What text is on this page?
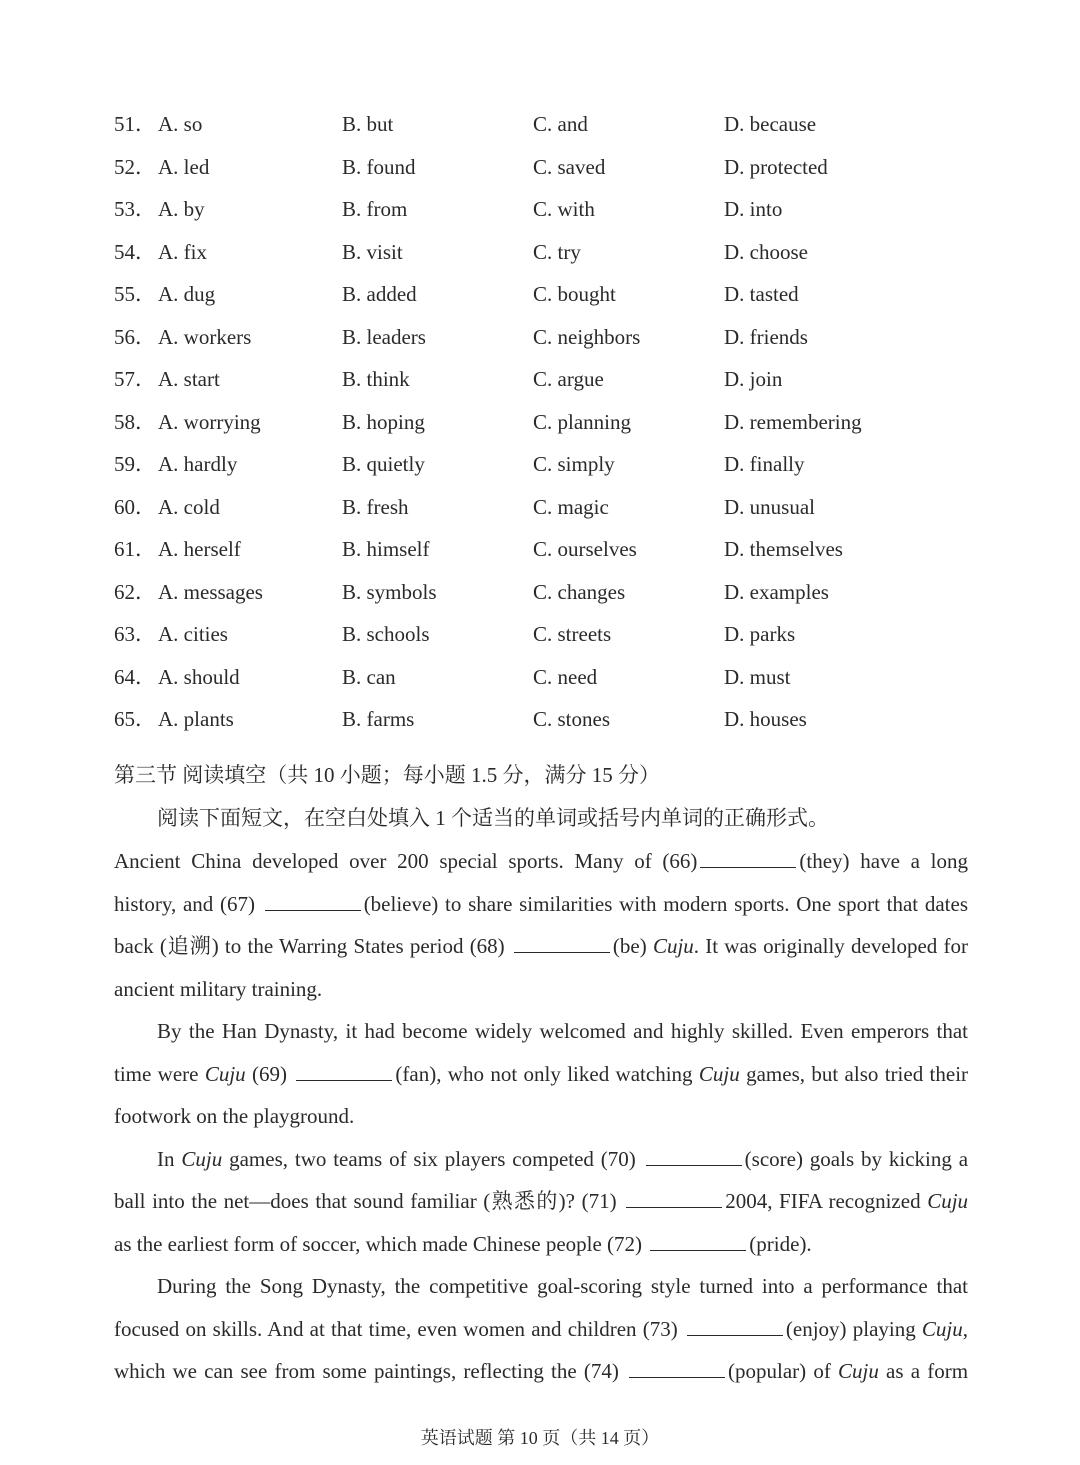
51． A. so	B. but	C. and	D. because
52． A. led	B. found	C. saved	D. protected
53． A. by	B. from	C. with	D. into
54． A. fix	B. visit	C. try	D. choose
55． A. dug	B. added	C. bought	D. tasted
56． A. workers	B. leaders	C. neighbors	D. friends
57． A. start	B. think	C. argue	D. join
58． A. worrying	B. hoping	C. planning	D. remembering
59． A. hardly	B. quietly	C. simply	D. finally
60． A. cold	B. fresh	C. magic	D. unusual
61． A. herself	B. himself	C. ourselves	D. themselves
62． A. messages	B. symbols	C. changes	D. examples
63． A. cities	B. schools	C. streets	D. parks
64． A. should	B. can	C. need	D. must
65． A. plants	B. farms	C. stones	D. houses
第三节 阅读填空（共 10 小题；每小题 1.5 分，满分 15 分）
阅读下面短文，在空白处填入 1 个适当的单词或括号内单词的正确形式。

Ancient China developed over 200 special sports. Many of (66)	(they) have a long history, and (67)	(believe) to share similarities with modern sports. One sport that dates back (追溯) to the Warring States period (68)	(be) Cuju. It was originally developed for ancient military training.

By the Han Dynasty, it had become widely welcomed and highly skilled. Even emperors that time were Cuju (69)	(fan), who not only liked watching Cuju games, but also tried their footwork on the playground.

In Cuju games, two teams of six players competed (70)	(score) goals by kicking a ball into the net—does that sound familiar (熟悉的)? (71)	2004, FIFA recognized Cuju as the earliest form of soccer, which made Chinese people (72)	(pride).

During the Song Dynasty, the competitive goal-scoring style turned into a performance that focused on skills. And at that time, even women and children (73)	(enjoy) playing Cuju, which we can see from some paintings, reflecting the (74)	(popular) of Cuju as a form

英语试题 第 10 页（共 14 页）
